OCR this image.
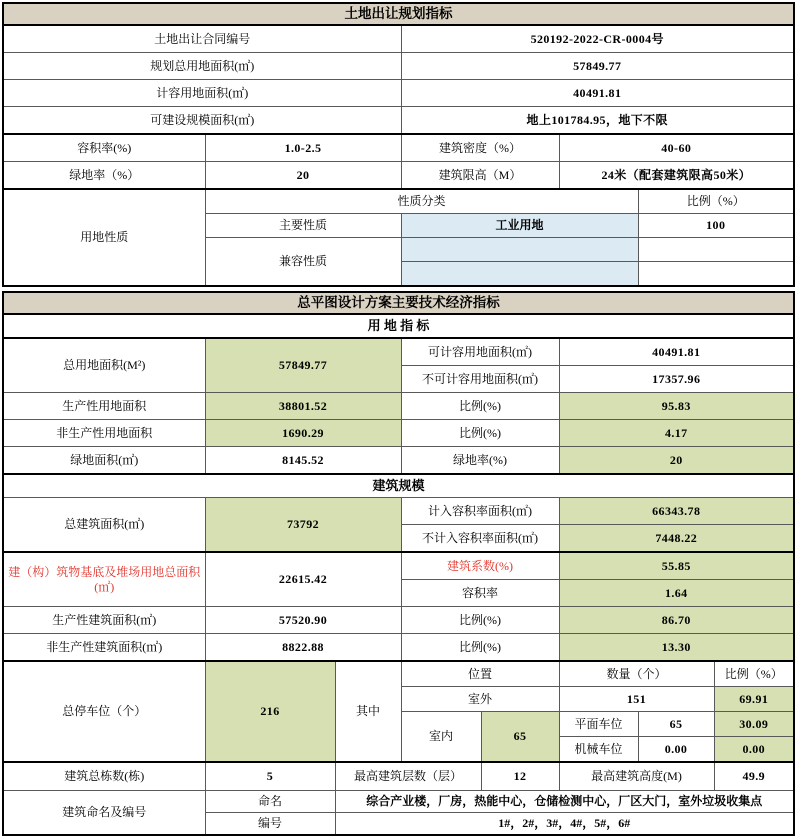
土地出让规划指标				
土地出让合同编号		520192-2022-CR-0004号		
规划总用地面积(㎡)		57849.77		
计容用地面积(㎡)		40491.81		
可建设规模面积(㎡)		地上101784.95，地下不限		
容积率(%)	1.0-2.5	建筑密度（%）	40-60	
绿地率（%）	20	建筑限高（M）	24米（配套建筑限高50米）	
用地性质	性质分类			比例（%）
	主要性质	工业用地		100
	兼容性质			

总平图设计方案主要技术经济指标							
用 地 指 标							
总用地面积(M²)	57849.77		可计容用地面积(㎡)		40491.81		
			不可计容用地面积(㎡)		17357.96		
生产性用地面积	38801.52		比例(%)		95.83		
非生产性用地面积	1690.29		比例(%)		4.17		
绿地面积(㎡)	8145.52		绿地率(%)		20		
建筑规模							
总建筑面积(㎡)	73792		计入容积率面积(㎡)		66343.78		
			不计入容积率面积(㎡)		7448.22		
建（构）筑物基底及堆场用地总面积(㎡)	22615.42		建筑系数(%)		55.85		
			容积率		1.64		
生产性建筑面积(㎡)	57520.90		比例(%)		86.70		
非生产性建筑面积(㎡)	8822.88		比例(%)		13.30		
总停车位（个）	216	其中	位置		数量（个）		比例（%）
			室外		151		69.91
			室内	65	平面车位	65	30.09
					机械车位	0.00	0.00
建筑总栋数(栋)	5	最高建筑层数（层）		12	最高建筑高度(M)		49.9
建筑命名及编号	命名	综合产业楼，厂房，热能中心，仓储检测中心，厂区大门，室外垃圾收集点					
	编号	1#，2#，3#，4#，5#，6#					
